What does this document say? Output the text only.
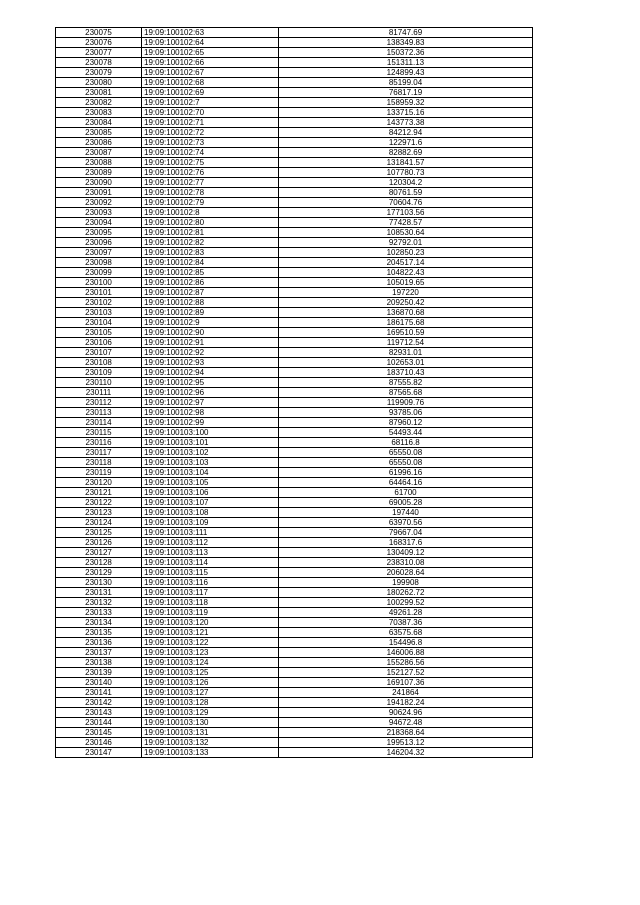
230075	19:09:100102:63	81747.69
230076	19:09:100102:64	138349.83
230077	19:09:100102:65	150372.36
230078	19:09:100102:66	151311.13
230079	19:09:100102:67	124899.43
230080	19:09:100102:68	85199.04
230081	19:09:100102:69	76817.19
230082	19:09:100102:7	158959.32
230083	19:09:100102:70	133715.16
230084	19:09:100102:71	143773.38
230085	19:09:100102:72	84212.94
230086	19:09:100102:73	122971.6
230087	19:09:100102:74	82882.69
230088	19:09:100102:75	131841.57
230089	19:09:100102:76	107780.73
230090	19:09:100102:77	120304.2
230091	19:09:100102:78	80761.59
230092	19:09:100102:79	70604.76
230093	19:09:100102:8	177103.56
230094	19:09:100102:80	77428.57
230095	19:09:100102:81	108530.64
230096	19:09:100102:82	92792.01
230097	19:09:100102:83	102850.23
230098	19:09:100102:84	204517.14
230099	19:09:100102:85	104822.43
230100	19:09:100102:86	105019.65
230101	19:09:100102:87	197220
230102	19:09:100102:88	209250.42
230103	19:09:100102:89	136870.68
230104	19:09:100102:9	186175.68
230105	19:09:100102:90	169510.59
230106	19:09:100102:91	119712.54
230107	19:09:100102:92	82931.01
230108	19:09:100102:93	102653.01
230109	19:09:100102:94	183710.43
230110	19:09:100102:95	87555.82
230111	19:09:100102:96	87565.68
230112	19:09:100102:97	119909.76
230113	19:09:100102:98	93785.06
230114	19:09:100102:99	87960.12
230115	19:09:100103:100	54493.44
230116	19:09:100103:101	68116.8
230117	19:09:100103:102	65550.08
230118	19:09:100103:103	65550.08
230119	19:09:100103:104	61996.16
230120	19:09:100103:105	64464.16
230121	19:09:100103:106	61700
230122	19:09:100103:107	69005.28
230123	19:09:100103:108	197440
230124	19:09:100103:109	63970.56
230125	19:09:100103:111	79667.04
230126	19:09:100103:112	168317.6
230127	19:09:100103:113	130409.12
230128	19:09:100103:114	238310.08
230129	19:09:100103:115	206028.64
230130	19:09:100103:116	199908
230131	19:09:100103:117	180262.72
230132	19:09:100103:118	100299.52
230133	19:09:100103:119	49261.28
230134	19:09:100103:120	70387.36
230135	19:09:100103:121	63575.68
230136	19:09:100103:122	154496.8
230137	19:09:100103:123	146006.88
230138	19:09:100103:124	155286.56
230139	19:09:100103:125	152127.52
230140	19:09:100103:126	169107.36
230141	19:09:100103:127	241864
230142	19:09:100103:128	194182.24
230143	19:09:100103:129	90624.96
230144	19:09:100103:130	94672.48
230145	19:09:100103:131	218368.64
230146	19:09:100103:132	199513.12
230147	19:09:100103:133	146204.32
